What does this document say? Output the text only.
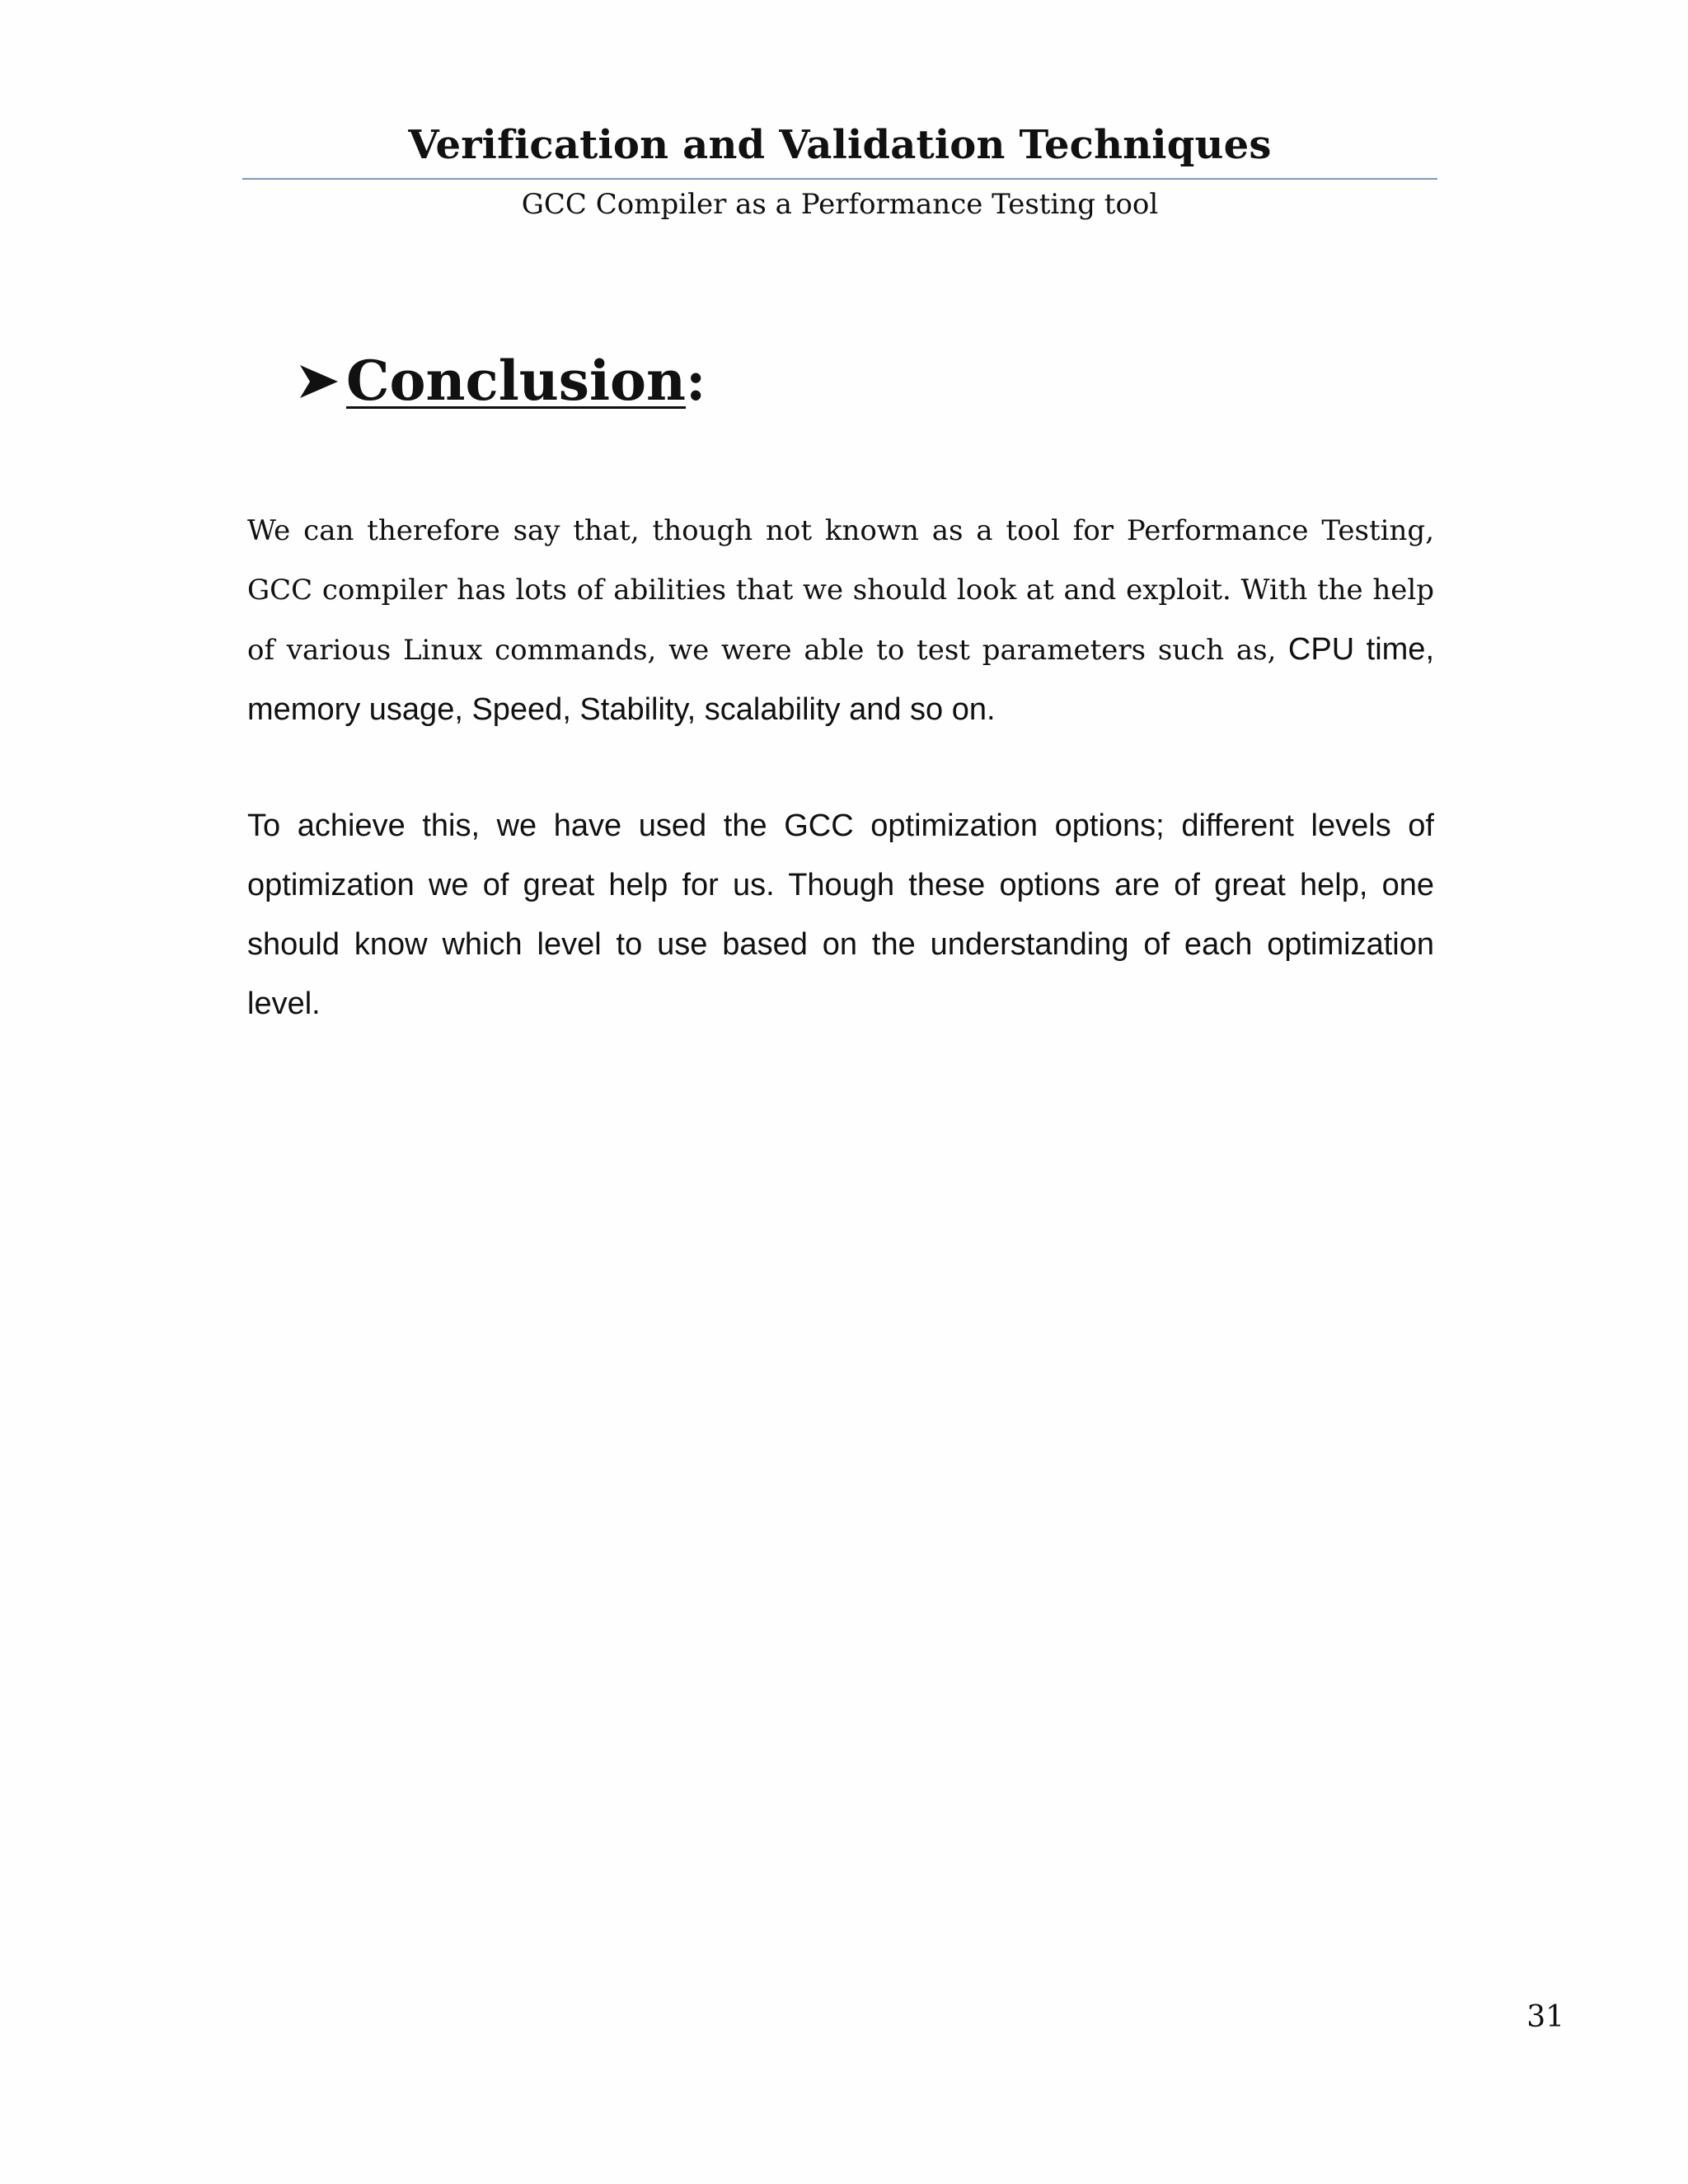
Verification and Validation Techniques
GCC Compiler as a Performance Testing tool
Conclusion:

We can therefore say that, though not known as a tool for Performance Testing, GCC compiler has lots of abilities that we should look at and exploit. With the help of various Linux commands, we were able to test parameters such as, CPU time, memory usage, Speed, Stability, scalability and so on.

To achieve this, we have used the GCC optimization options; different levels of optimization we of great help for us. Though these options are of great help, one should know which level to use based on the understanding of each optimization level.

31
